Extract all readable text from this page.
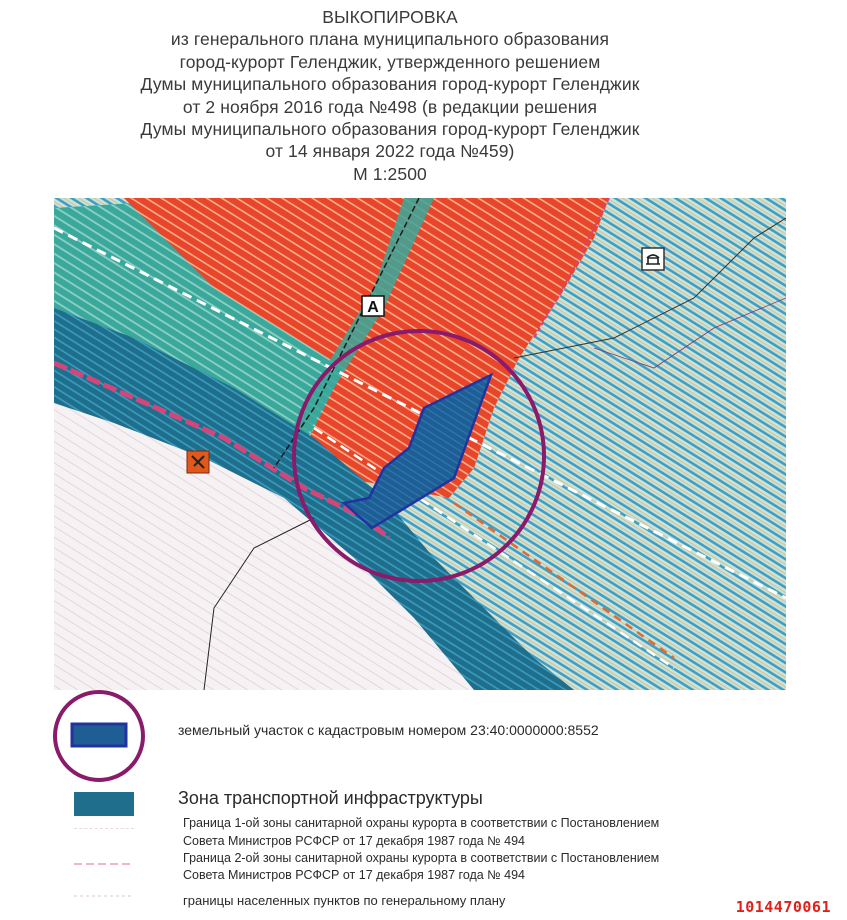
ВЫКОПИРОВКА
из генерального плана муниципального образования
город-курорт Геленджик, утвержденного решением
Думы муниципального образования город-курорт Геленджик
от 2 ноября 2016 года №498 (в редакции решения
Думы муниципального образования город-курорт Геленджик
от 14 января 2022 года №459)
М 1:2500
А
земельный участок с кадастровым номером 23:40:0000000:8552
Зона транспортной инфраструктуры
Граница 1-ой зоны санитарной охраны курорта в соответствии с Постановлением
Совета Министров РСФСР от 17 декабря 1987 года № 494
Граница 2-ой зоны санитарной охраны курорта в соответствии с Постановлением
Совета Министров РСФСР от 17 декабря 1987 года № 494
границы населенных пунктов по генеральному плану	1014470061
